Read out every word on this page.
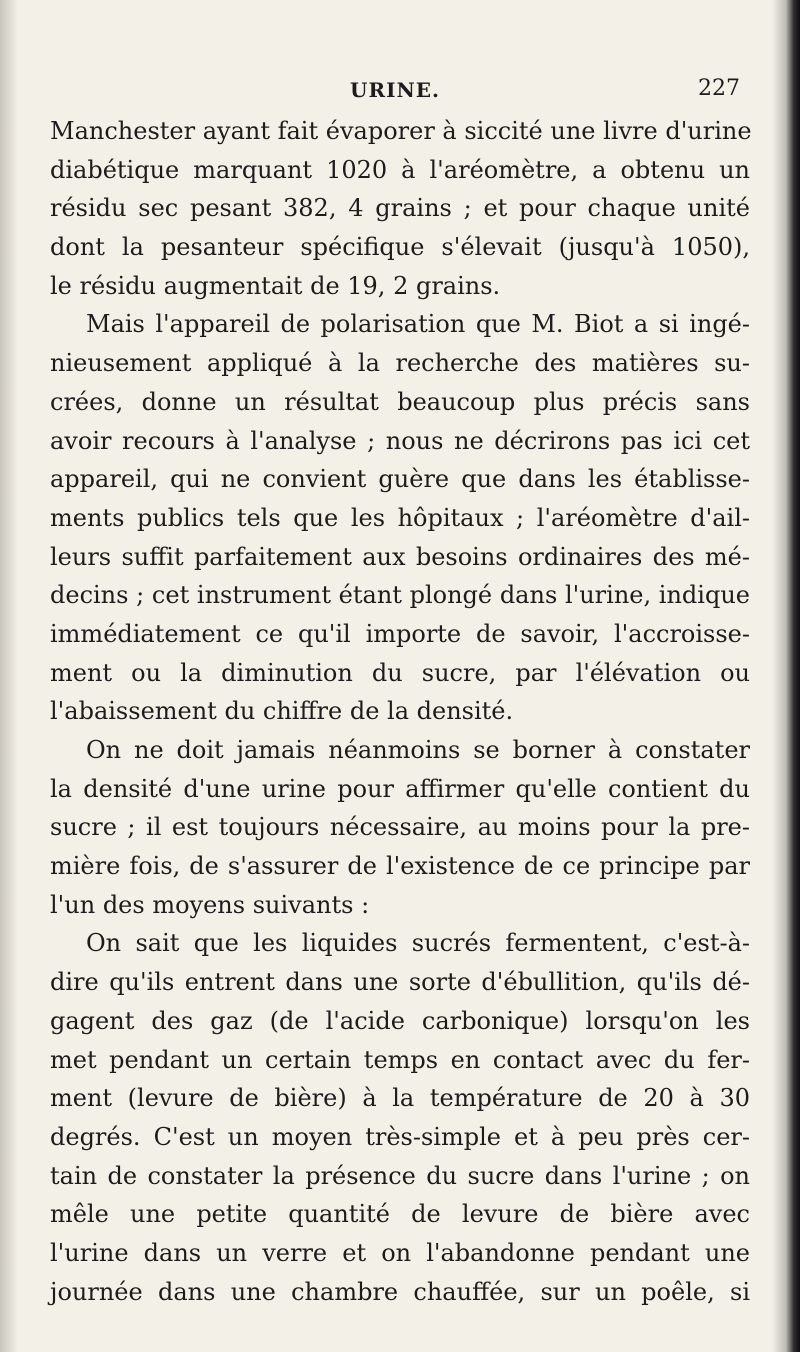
URINE.	227
Manchester ayant fait évaporer à siccité une livre d'urine
diabétique marquant 1020 à l'aréomètre, a obtenu un
résidu sec pesant 382, 4 grains ; et pour chaque unité
dont la pesanteur spécifique s'élevait (jusqu'à 1050),
le résidu augmentait de 19, 2 grains.
Mais l'appareil de polarisation que M. Biot a si ingé-
nieusement appliqué à la recherche des matières su-
crées, donne un résultat beaucoup plus précis sans
avoir recours à l'analyse ; nous ne décrirons pas ici cet
appareil, qui ne convient guère que dans les établisse-
ments publics tels que les hôpitaux ; l'aréomètre d'ail-
leurs suffit parfaitement aux besoins ordinaires des mé-
decins ; cet instrument étant plongé dans l'urine, indique
immédiatement ce qu'il importe de savoir, l'accroisse-
ment ou la diminution du sucre, par l'élévation ou
l'abaissement du chiffre de la densité.
On ne doit jamais néanmoins se borner à constater
la densité d'une urine pour affirmer qu'elle contient du
sucre ; il est toujours nécessaire, au moins pour la pre-
mière fois, de s'assurer de l'existence de ce principe par
l'un des moyens suivants :
On sait que les liquides sucrés fermentent, c'est-à-
dire qu'ils entrent dans une sorte d'ébullition, qu'ils dé-
gagent des gaz (de l'acide carbonique) lorsqu'on les
met pendant un certain temps en contact avec du fer-
ment (levure de bière) à la température de 20 à 30
degrés. C'est un moyen très-simple et à peu près cer-
tain de constater la présence du sucre dans l'urine ; on
mêle une petite quantité de levure de bière avec
l'urine dans un verre et on l'abandonne pendant une
journée dans une chambre chauffée, sur un poêle, si
